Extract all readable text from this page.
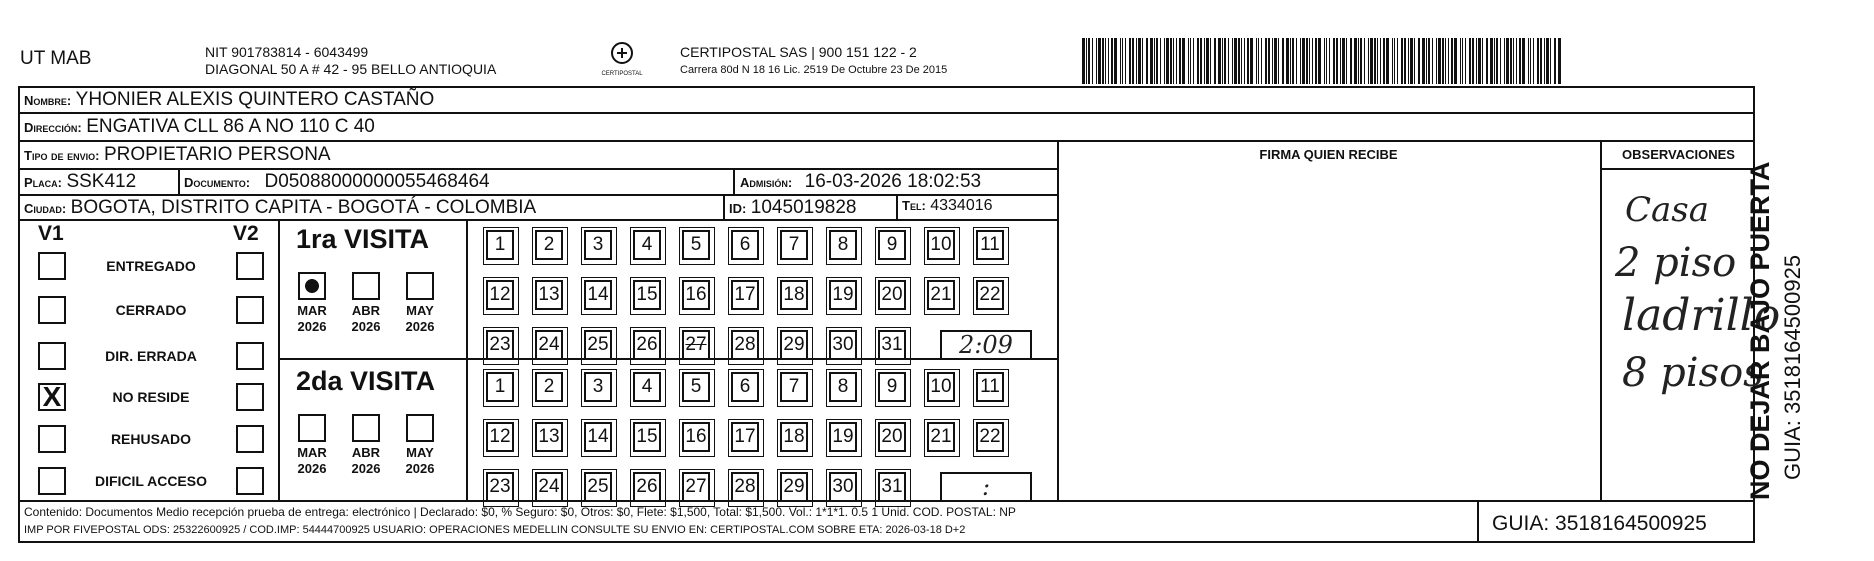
UT MAB	NIT 901783814 - 6043499
DIAGONAL 50 A # 42 - 95 BELLO ANTIOQUIA	CERTIPOSTAL
CERTIPOSTAL SAS | 900 151 122 - 2
Carrera 80d N 18 16 Lic. 2519 De Octubre 23 De 2015
Nombre: YHONIER ALEXIS QUINTERO CASTAÑO
Dirección: ENGATIVA CLL 86 A NO 110 C 40
Tipo de envio: PROPIETARIO PERSONA
Placa: SSK412	Documento: D05088000000055468464	Admisión: 16-03-2026 18:02:53
Ciudad: BOGOTA, DISTRITO CAPITA - BOGOTÁ - COLOMBIA	ID: 1045019828	Tel: 4334016
FIRMA QUIEN RECIBE	OBSERVACIONES
Casa
2 piso
ladrillo
8 pisos
V1	V2
ENTREGADO
CERRADO
DIR. ERRADA
X	NO RESIDE
REHUSADO
DIFICIL ACCESO
1ra VISITA
2da VISITA
1	2	3	4	5	6	7	8	9	10 11
12 13 14 15 16 17 18 19 20 21 22
23 24 25 26 27 28 29 30 31	2:09
MAR
2026
ABR
2026
MAY
2026
1	2	3	4	5	6	7	8	9	10 11
12 13 14 15 16 17 18 19 20 21 22
23 24 25 26 27 28 29 30 31	:
MAR
2026
ABR
2026
MAY
2026
Contenido: Documentos Medio recepción prueba de entrega: electrónico | Declarado: $0, % Seguro: $0, Otros: $0, Flete: $1,500, Total: $1,500. Vol.: 1*1*1. 0.5 1 Unid. COD. POSTAL: NP
IMP POR FIVEPOSTAL ODS: 25322600925 / COD.IMP: 54444700925 USUARIO: OPERACIONES MEDELLIN CONSULTE SU ENVIO EN: CERTIPOSTAL.COM SOBRE ETA: 2026-03-18 D+2	GUIA: 3518164500925
NO DEJAR BAJO PUERTA GUIA: 3518164500925
